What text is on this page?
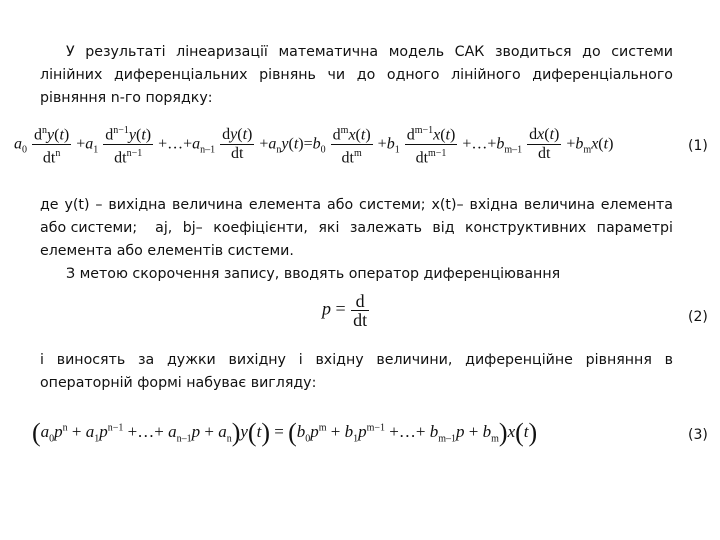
У результаті лінеаризації математична модель САК зводиться до системи
лінійних диференціальних рівнянь чи до одного лінійного диференціального
рівняння n-го порядку:
$a_0 \frac{d^ny(t)}{dt^n} +a_1 \frac{d^{n-1}y(t)}{dt^{n-1}}$ $+\dots+a_{n-1} \frac{dy(t)}{dt} +a_ny(t)=b_0 \frac{d^mx(t)}{dt^m} +b_1 \frac{d^{m-1}x(t)}{dt^{m-1}}$ $+\dots+b_{m-1} \frac{dx(t)}{dt} +b_mx(t)$	(1)
де y(t) – вихідна величина елемента або системи; x(t)– вхідна величина елемента
або системи; aj, bj– коефіцієнти, які залежать від конструктивних параметрі
елемента або елементів системи.
З метою скорочення запису, вводять оператор диференціювання
$p = \frac{d}{dt}$	(2)
і виносять за дужки вихідну і вхідну величини, диференційне рівняння в
операторній формі набуває вигляду:
($a_0p^n + a_1p^{n-1}$ +…+ $a_{n-1}p + a_n)y(t) = (b_0p^m + b_1p^{m-1}$ +…+ $b_{m-1}p + b_m)x(t)$	(3)
